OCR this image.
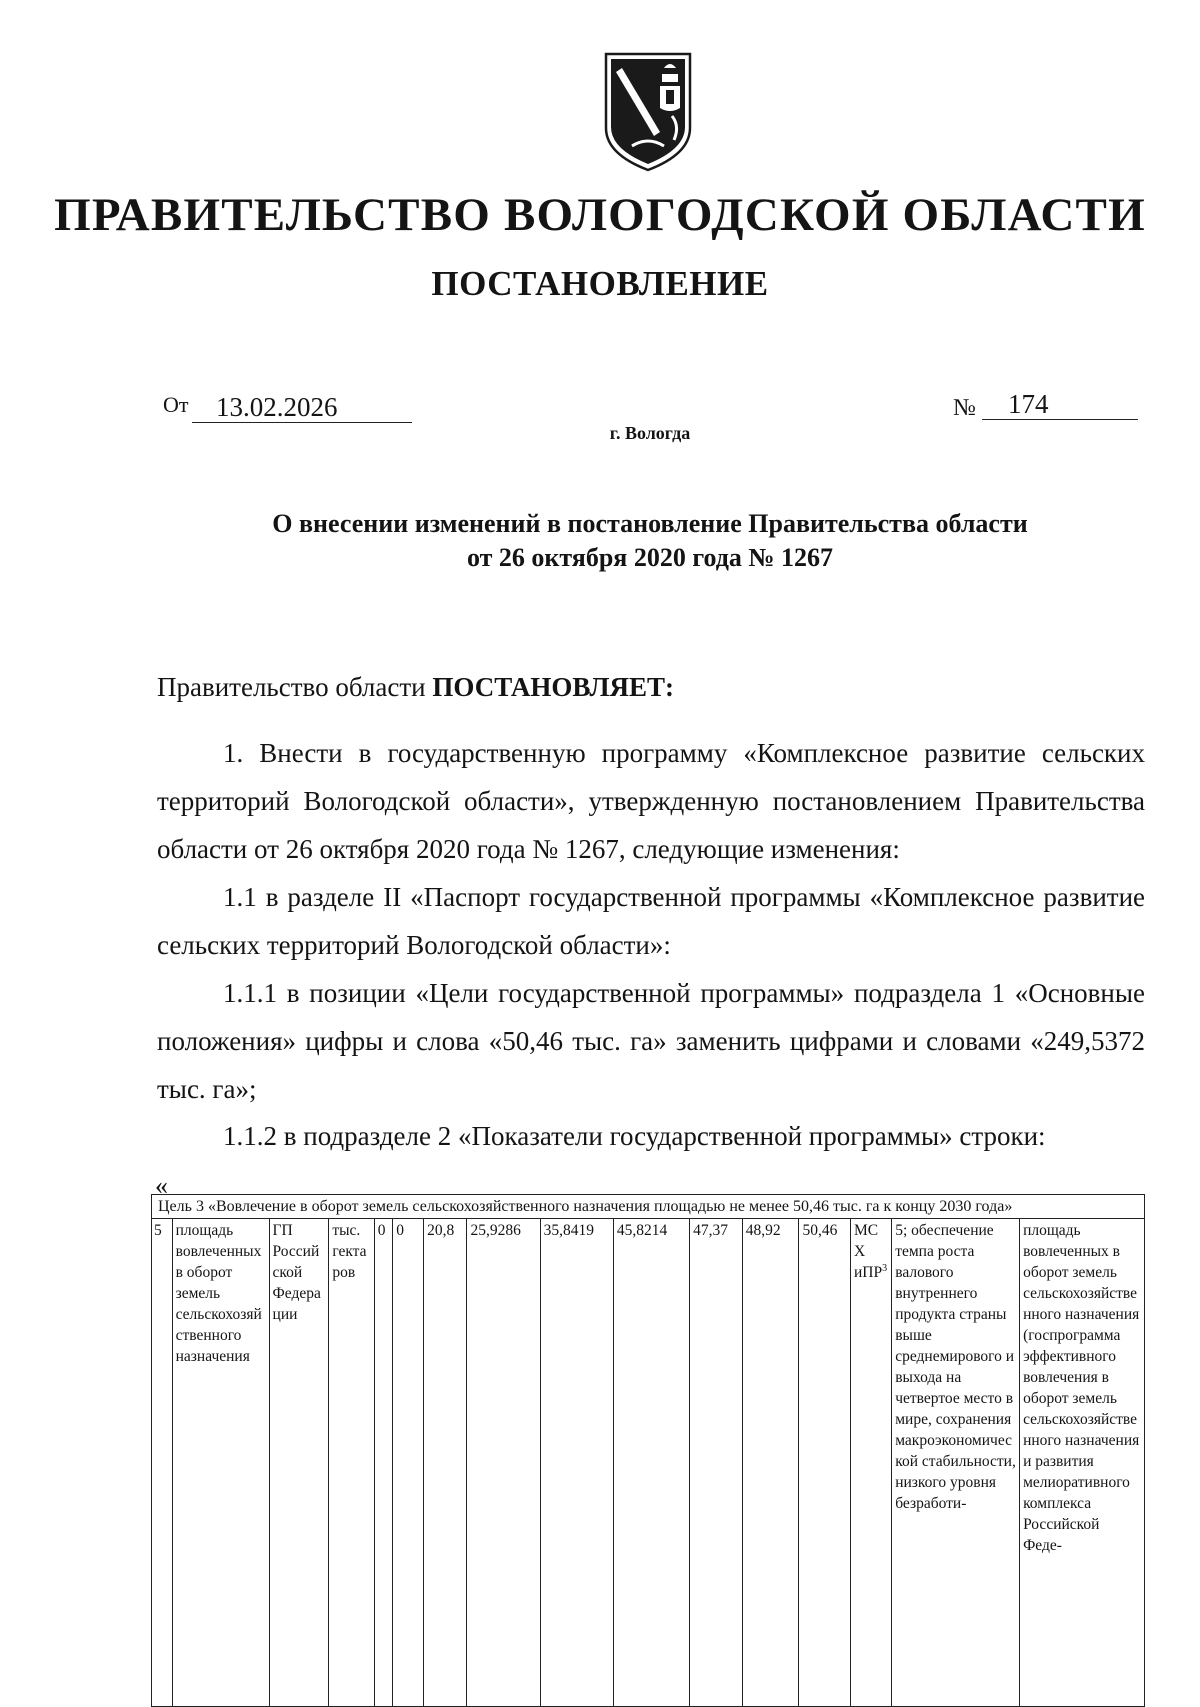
ПРАВИТЕЛЬСТВО ВОЛОГОДСКОЙ ОБЛАСТИ
ПОСТАНОВЛЕНИЕ
От	13.02.2026	№	174
г. Вологда
О внесении изменений в постановление Правительства области
от 26 октября 2020 года № 1267
Правительство области ПОСТАНОВЛЯЕТ:
1. Внести в государственную программу «Комплексное развитие сельских территорий Вологодской области», утвержденную постановлением Правительства области от 26 октября 2020 года № 1267, следующие изменения:
1.1 в разделе II «Паспорт государственной программы «Комплексное развитие сельских территорий Вологодской области»:
1.1.1 в позиции «Цели государственной программы» подраздела 1 «Основные положения» цифры и слова «50,46 тыс. га» заменить цифрами и словами «249,5372 тыс. га»;
1.1.2 в подразделе 2 «Показатели государственной программы» строки:
«
Цель 3 «Вовлечение в оборот земель сельскохозяйственного назначения площадью не менее 50,46 тыс. га к концу 2030 года»
5	площадь вовлеченных в оборот земель сельскохозяйственного назначения	ГП Российской Федерации	тыс. гектаров	0	0	20,8	25,9286	35,8419	45,8214	47,37	48,92	50,46	МСХ иПР$^3$	5; обеспечение темпа роста валового внутреннего продукта страны выше среднемирового и выхода на четвертое место в мире, сохранения макроэкономической стабильности, низкого уровня безработи-	площадь вовлеченных в оборот земель сельскохозяйственного назначения (госпрограмма эффективного вовлечения в оборот земель сельскохозяйственного назначения и развития мелиоративного комплекса Российской Феде-
